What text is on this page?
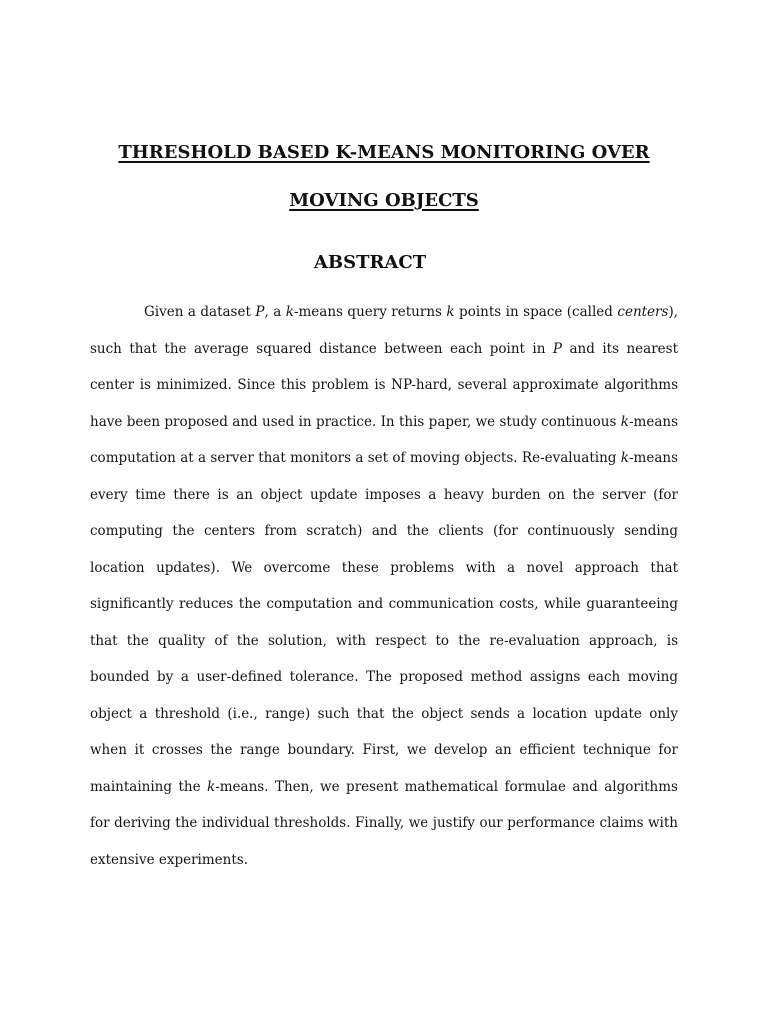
THRESHOLD BASED K-MEANS MONITORING OVER
MOVING OBJECTS
ABSTRACT

Given a dataset P, a k-means query returns k points in space (called centers), such that the average squared distance between each point in P and its nearest center is minimized. Since this problem is NP-hard, several approximate algorithms have been proposed and used in practice. In this paper, we study continuous k-means computation at a server that monitors a set of moving objects. Re-evaluating k-means every time there is an object update imposes a heavy burden on the server (for computing the centers from scratch) and the clients (for continuously sending location updates). We overcome these problems with a novel approach that significantly reduces the computation and communication costs, while guaranteeing that the quality of the solution, with respect to the re-evaluation approach, is bounded by a user-defined tolerance. The proposed method assigns each moving object a threshold (i.e., range) such that the object sends a location update only when it crosses the range boundary. First, we develop an efficient technique for maintaining the k-means. Then, we present mathematical formulae and algorithms for deriving the individual thresholds. Finally, we justify our performance claims with extensive experiments.
